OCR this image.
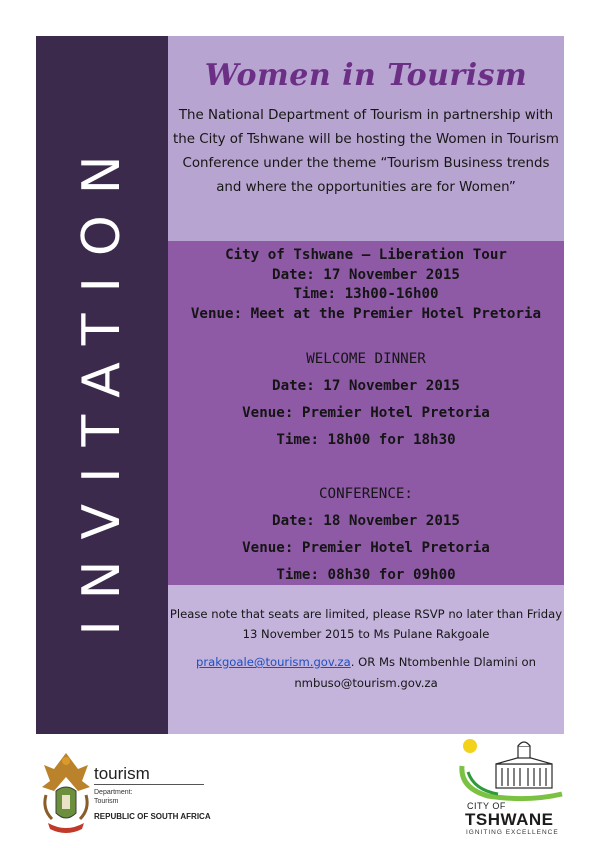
INVITATION
Women in Tourism
The National Department of Tourism in partnership with
the City of Tshwane will be hosting the Women in Tourism
Conference under the theme “Tourism Business trends
and where the opportunities are for Women”
City of Tshwane – Liberation Tour
Date: 17 November 2015
Time: 13h00-16h00
Venue: Meet at the Premier Hotel Pretoria
WELCOME DINNER
Date: 17 November 2015
Venue: Premier Hotel Pretoria
Time: 18h00 for 18h30
CONFERENCE:
Date: 18 November 2015
Venue: Premier Hotel Pretoria
Time: 08h30 for 09h00
Please note that seats are limited, please RSVP no later than Friday
13 November 2015 to Ms Pulane Rakgoale
prakgoale@tourism.gov.za. OR Ms Ntombenhle Dlamini on
nmbuso@tourism.gov.za
tourism
Department:
Tourism
REPUBLIC OF SOUTH AFRICA
CITY OF
TSHWANE
IGNITING EXCELLENCE
